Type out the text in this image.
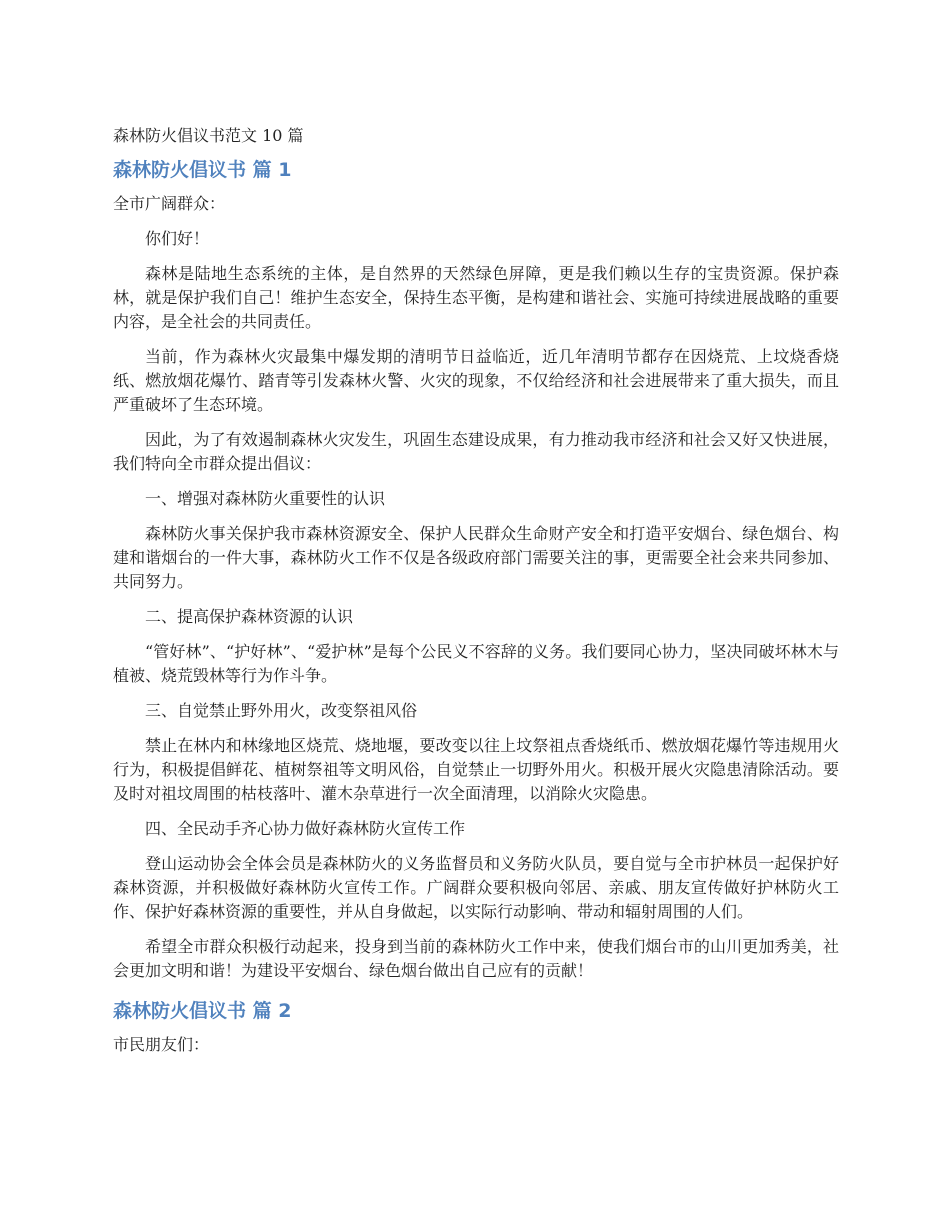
森林防火倡议书范文 10 篇
森林防火倡议书 篇 1
全市广阔群众：
你们好！
森林是陆地生态系统的主体，是自然界的天然绿色屏障，更是我们赖以生存的宝贵资源。保护森林，就是保护我们自己！维护生态安全，保持生态平衡，是构建和谐社会、实施可持续进展战略的重要内容，是全社会的共同责任。
当前，作为森林火灾最集中爆发期的清明节日益临近，近几年清明节都存在因烧荒、上坟烧香烧纸、燃放烟花爆竹、踏青等引发森林火警、火灾的现象，不仅给经济和社会进展带来了重大损失，而且严重破坏了生态环境。
因此，为了有效遏制森林火灾发生，巩固生态建设成果，有力推动我市经济和社会又好又快进展，我们特向全市群众提出倡议：
一、增强对森林防火重要性的认识
森林防火事关保护我市森林资源安全、保护人民群众生命财产安全和打造平安烟台、绿色烟台、构建和谐烟台的一件大事，森林防火工作不仅是各级政府部门需要关注的事，更需要全社会来共同参加、共同努力。
二、提高保护森林资源的认识
“管好林”、“护好林”、“爱护林”是每个公民义不容辞的义务。我们要同心协力，坚决同破坏林木与植被、烧荒毁林等行为作斗争。
三、自觉禁止野外用火，改变祭祖风俗
禁止在林内和林缘地区烧荒、烧地堰，要改变以往上坟祭祖点香烧纸币、燃放烟花爆竹等违规用火行为，积极提倡鲜花、植树祭祖等文明风俗，自觉禁止一切野外用火。积极开展火灾隐患清除活动。要及时对祖坟周围的枯枝落叶、灌木杂草进行一次全面清理，以消除火灾隐患。
四、全民动手齐心协力做好森林防火宣传工作
登山运动协会全体会员是森林防火的义务监督员和义务防火队员，要自觉与全市护林员一起保护好森林资源，并积极做好森林防火宣传工作。广阔群众要积极向邻居、亲戚、朋友宣传做好护林防火工作、保护好森林资源的重要性，并从自身做起，以实际行动影响、带动和辐射周围的人们。
希望全市群众积极行动起来，投身到当前的森林防火工作中来，使我们烟台市的山川更加秀美，社会更加文明和谐！为建设平安烟台、绿色烟台做出自己应有的贡献！
森林防火倡议书 篇 2
市民朋友们：
